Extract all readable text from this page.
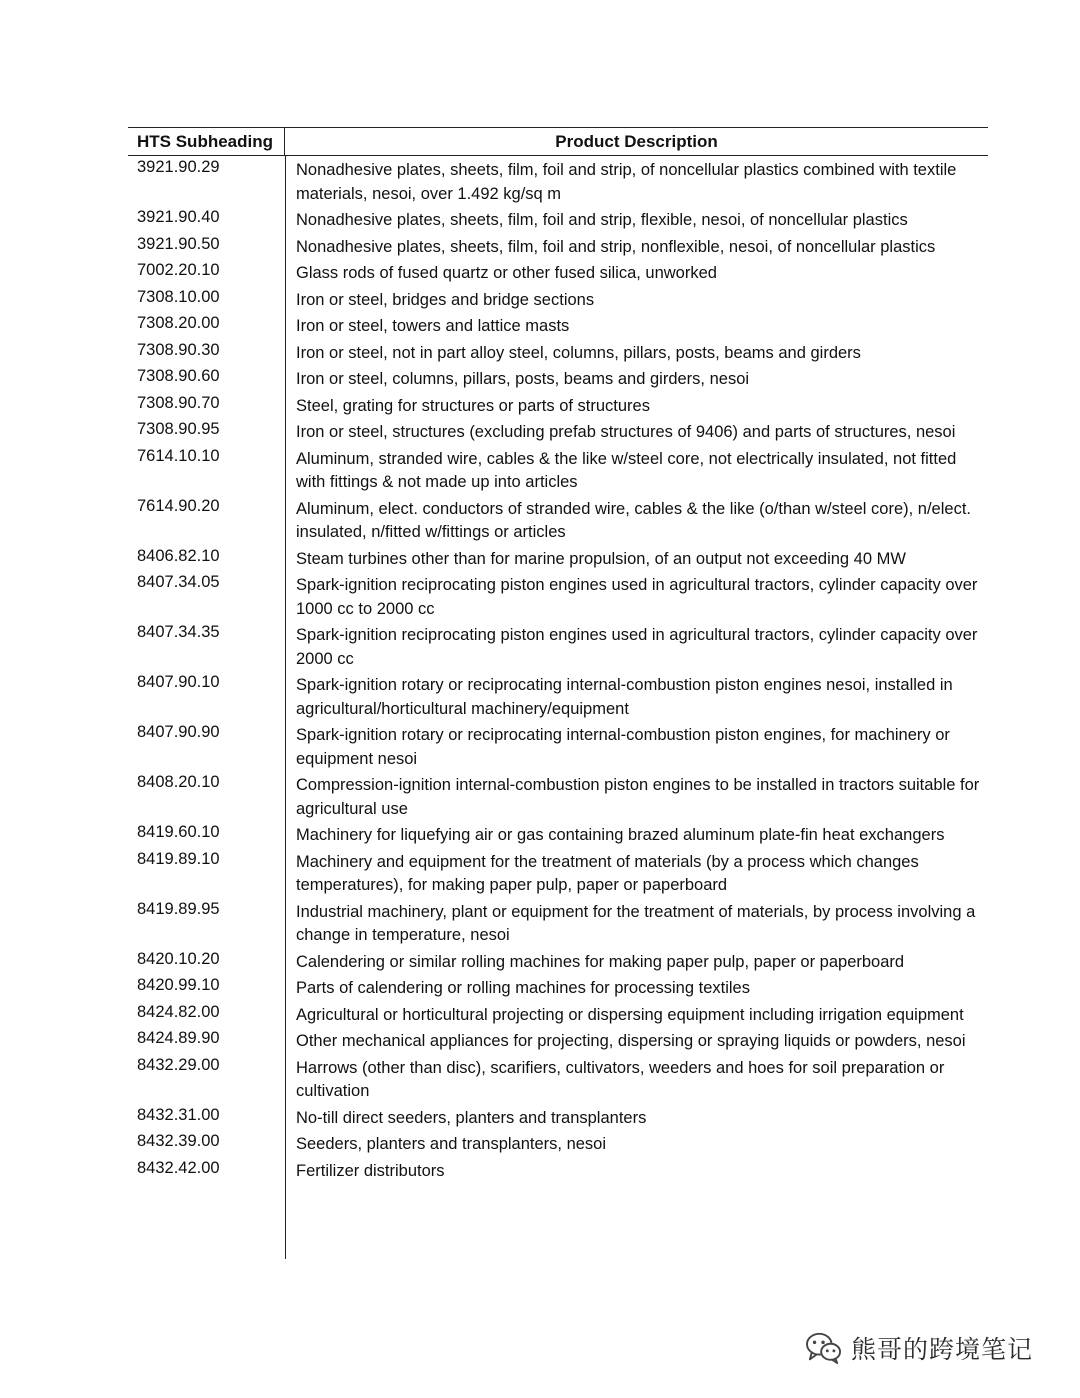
HTS Subheading	Product Description
3921.90.29	Nonadhesive plates, sheets, film, foil and strip, of noncellular plastics combined with textile materials, nesoi, over 1.492 kg/sq m
3921.90.40	Nonadhesive plates, sheets, film, foil and strip, flexible, nesoi, of noncellular plastics
3921.90.50	Nonadhesive plates, sheets, film, foil and strip, nonflexible, nesoi, of noncellular plastics
7002.20.10	Glass rods of fused quartz or other fused silica, unworked
7308.10.00	Iron or steel, bridges and bridge sections
7308.20.00	Iron or steel, towers and lattice masts
7308.90.30	Iron or steel, not in part alloy steel, columns, pillars, posts, beams and girders
7308.90.60	Iron or steel, columns, pillars, posts, beams and girders, nesoi
7308.90.70	Steel, grating for structures or parts of structures
7308.90.95	Iron or steel, structures (excluding prefab structures of 9406) and parts of structures, nesoi
7614.10.10	Aluminum, stranded wire, cables & the like w/steel core, not electrically insulated, not fitted with fittings & not made up into articles
7614.90.20	Aluminum, elect. conductors of stranded wire, cables & the like (o/than w/steel core), n/elect. insulated, n/fitted w/fittings or articles
8406.82.10	Steam turbines other than for marine propulsion, of an output not exceeding 40 MW
8407.34.05	Spark-ignition reciprocating piston engines used in agricultural tractors, cylinder capacity over 1000 cc to 2000 cc
8407.34.35	Spark-ignition reciprocating piston engines used in agricultural tractors, cylinder capacity over 2000 cc
8407.90.10	Spark-ignition rotary or reciprocating internal-combustion piston engines nesoi, installed in agricultural/horticultural machinery/equipment
8407.90.90	Spark-ignition rotary or reciprocating internal-combustion piston engines, for machinery or equipment nesoi
8408.20.10	Compression-ignition internal-combustion piston engines to be installed in tractors suitable for agricultural use
8419.60.10	Machinery for liquefying air or gas containing brazed aluminum plate-fin heat exchangers
8419.89.10	Machinery and equipment for the treatment of materials (by a process which changes temperatures), for making paper pulp, paper or paperboard
8419.89.95	Industrial machinery, plant or equipment for the treatment of materials, by process involving a change in temperature, nesoi
8420.10.20	Calendering or similar rolling machines for making paper pulp, paper or paperboard
8420.99.10	Parts of calendering or rolling machines for processing textiles
8424.82.00	Agricultural or horticultural projecting or dispersing equipment including irrigation equipment
8424.89.90	Other mechanical appliances for projecting, dispersing or spraying liquids or powders, nesoi
8432.29.00	Harrows (other than disc), scarifiers, cultivators, weeders and hoes for soil preparation or cultivation
8432.31.00	No-till direct seeders, planters and transplanters
8432.39.00	Seeders, planters and transplanters, nesoi
8432.42.00	Fertilizer distributors
熊哥的跨境笔记
